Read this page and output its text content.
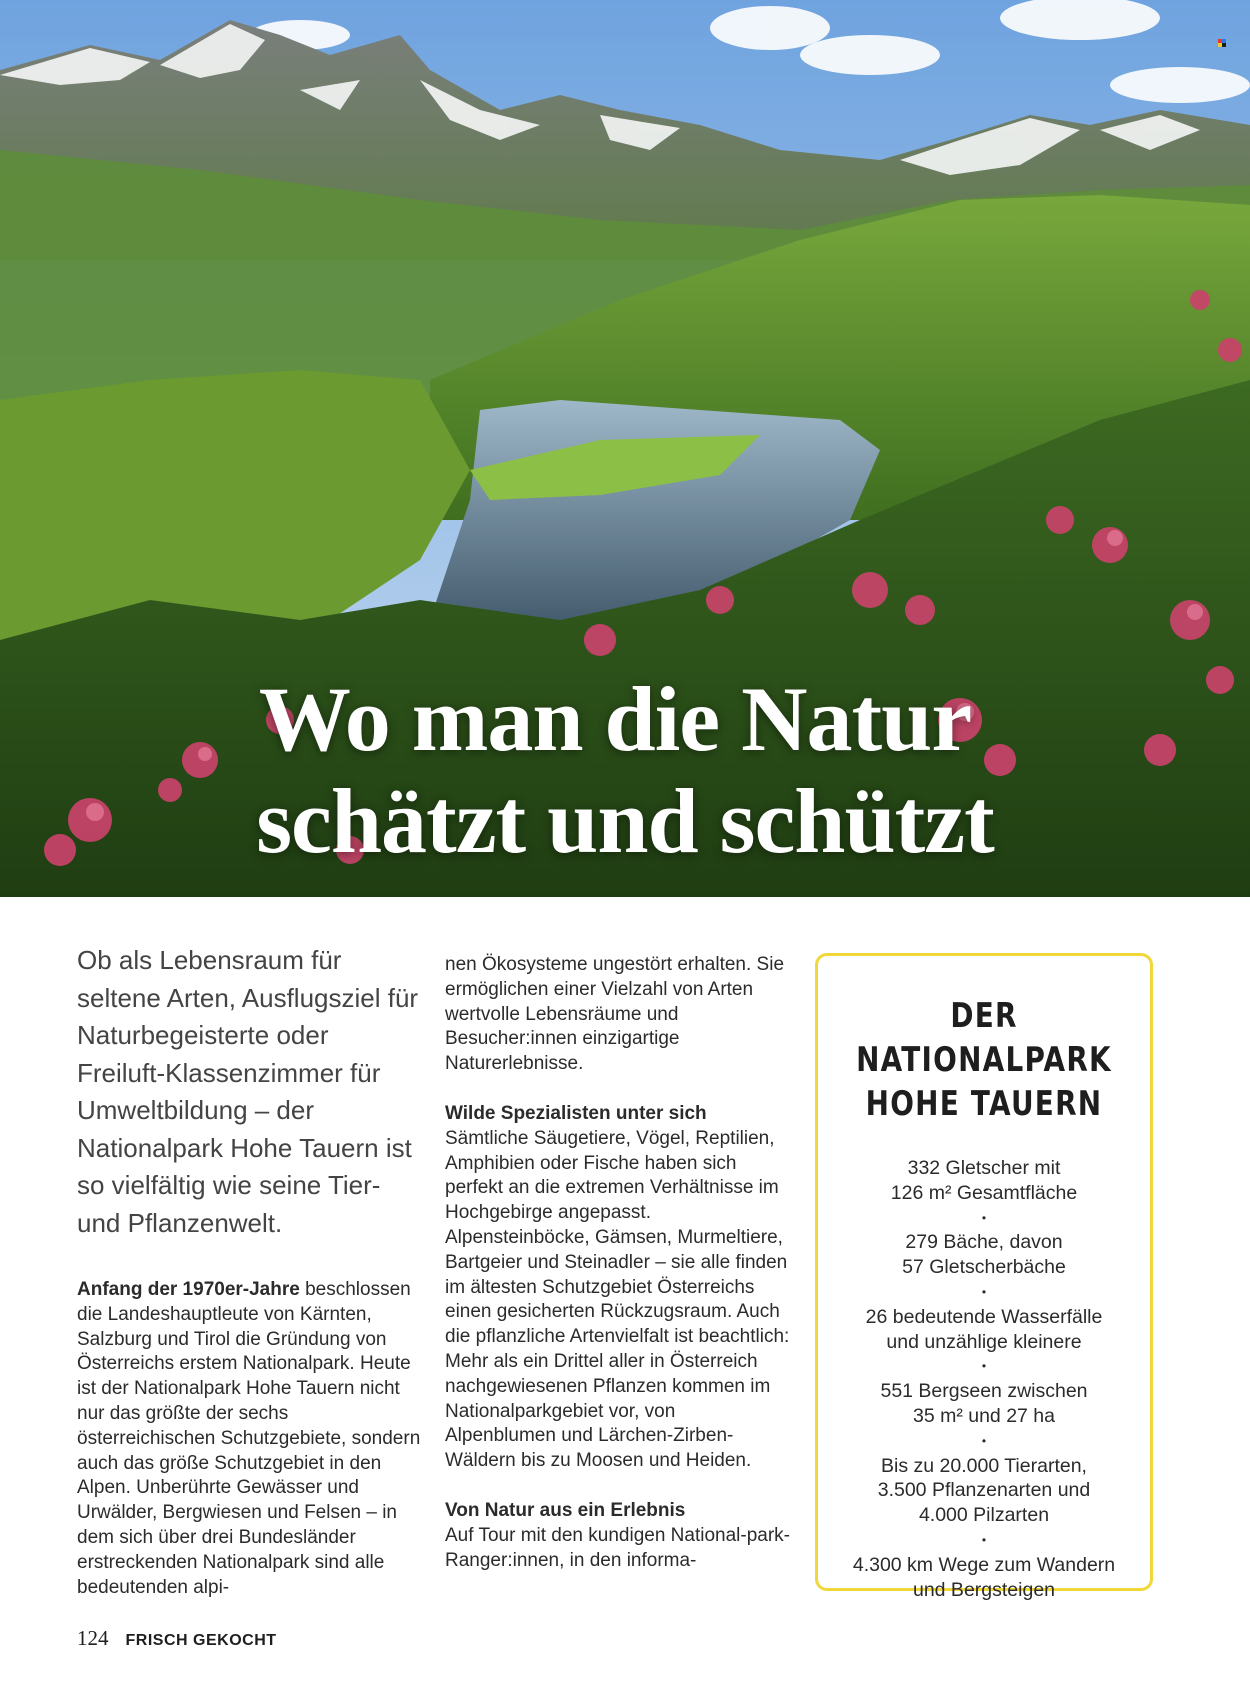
Wo man die Natur
schätzt und schützt

Ob als Lebensraum für seltene Arten, Ausflugsziel für Naturbegeisterte oder Freiluft-Klassenzimmer für Umweltbildung – der Nationalpark Hohe Tauern ist so vielfältig wie seine Tier- und Pflanzenwelt.

Anfang der 1970er-Jahre beschlossen die Landeshauptleute von Kärnten, Salzburg und Tirol die Gründung von Österreichs erstem Nationalpark. Heute ist der Nationalpark Hohe Tauern nicht nur das größte der sechs österreichischen Schutzgebiete, sondern auch das größe Schutzgebiet in den Alpen. Unberührte Gewässer und Urwälder, Bergwiesen und Felsen – in dem sich über drei Bundesländer erstreckenden Nationalpark sind alle bedeutenden alpi-

nen Ökosysteme ungestört erhalten. Sie ermöglichen einer Vielzahl von Arten wertvolle Lebensräume und Besucher:innen einzigartige Naturerlebnisse.

Wilde Spezialisten unter sich

Sämtliche Säugetiere, Vögel, Reptilien, Amphibien oder Fische haben sich perfekt an die extremen Verhältnisse im Hochgebirge angepasst. Alpensteinböcke, Gämsen, Murmeltiere, Bartgeier und Steinadler – sie alle finden im ältesten Schutzgebiet Österreichs einen gesicherten Rückzugsraum. Auch die pflanzliche Artenvielfalt ist beachtlich: Mehr als ein Drittel aller in Österreich nachgewiesenen Pflanzen kommen im Nationalparkgebiet vor, von Alpenblumen und Lärchen-Zirben-Wäldern bis zu Moosen und Heiden.

Von Natur aus ein Erlebnis

Auf Tour mit den kundigen National-park-Ranger:innen, in den informa-

DER NATIONALPARK
HOHE TAUERN
332 Gletscher mit
126 m² Gesamtfläche
•
279 Bäche, davon
57 Gletscherbäche
•
26 bedeutende Wasserfälle
und unzählige kleinere
•
551 Bergseen zwischen
35 m² und 27 ha
•
Bis zu 20.000 Tierarten,
3.500 Pflanzenarten und
4.000 Pilzarten
•
4.300 km Wege zum Wandern
und Bergsteigen
124 FRISCH GEKOCHT
